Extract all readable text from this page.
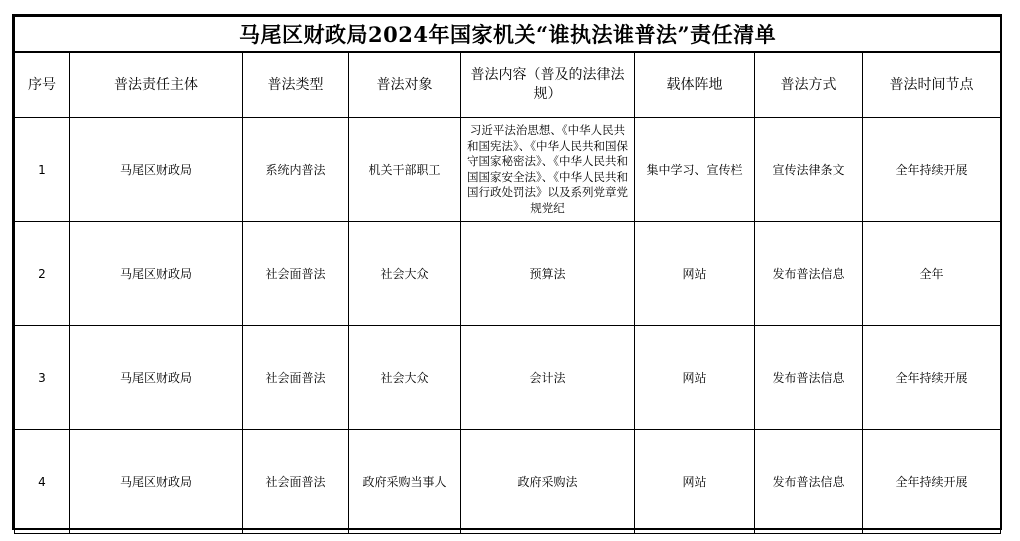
马尾区财政局2024年国家机关“谁执法谁普法”责任清单							
序号	普法责任主体	普法类型	普法对象	普法内容（普及的法律法规）	载体阵地	普法方式	普法时间节点
1	马尾区财政局	系统内普法	机关干部职工	习近平法治思想、《中华人民共和国宪法》、《中华人民共和国保守国家秘密法》、《中华人民共和国国家安全法》、《中华人民共和国行政处罚法》以及系列党章党规党纪	集中学习、宣传栏	宣传法律条文	全年持续开展
2	马尾区财政局	社会面普法	社会大众	预算法	网站	发布普法信息	全年
3	马尾区财政局	社会面普法	社会大众	会计法	网站	发布普法信息	全年持续开展
4	马尾区财政局	社会面普法	政府采购当事人	政府采购法	网站	发布普法信息	全年持续开展
